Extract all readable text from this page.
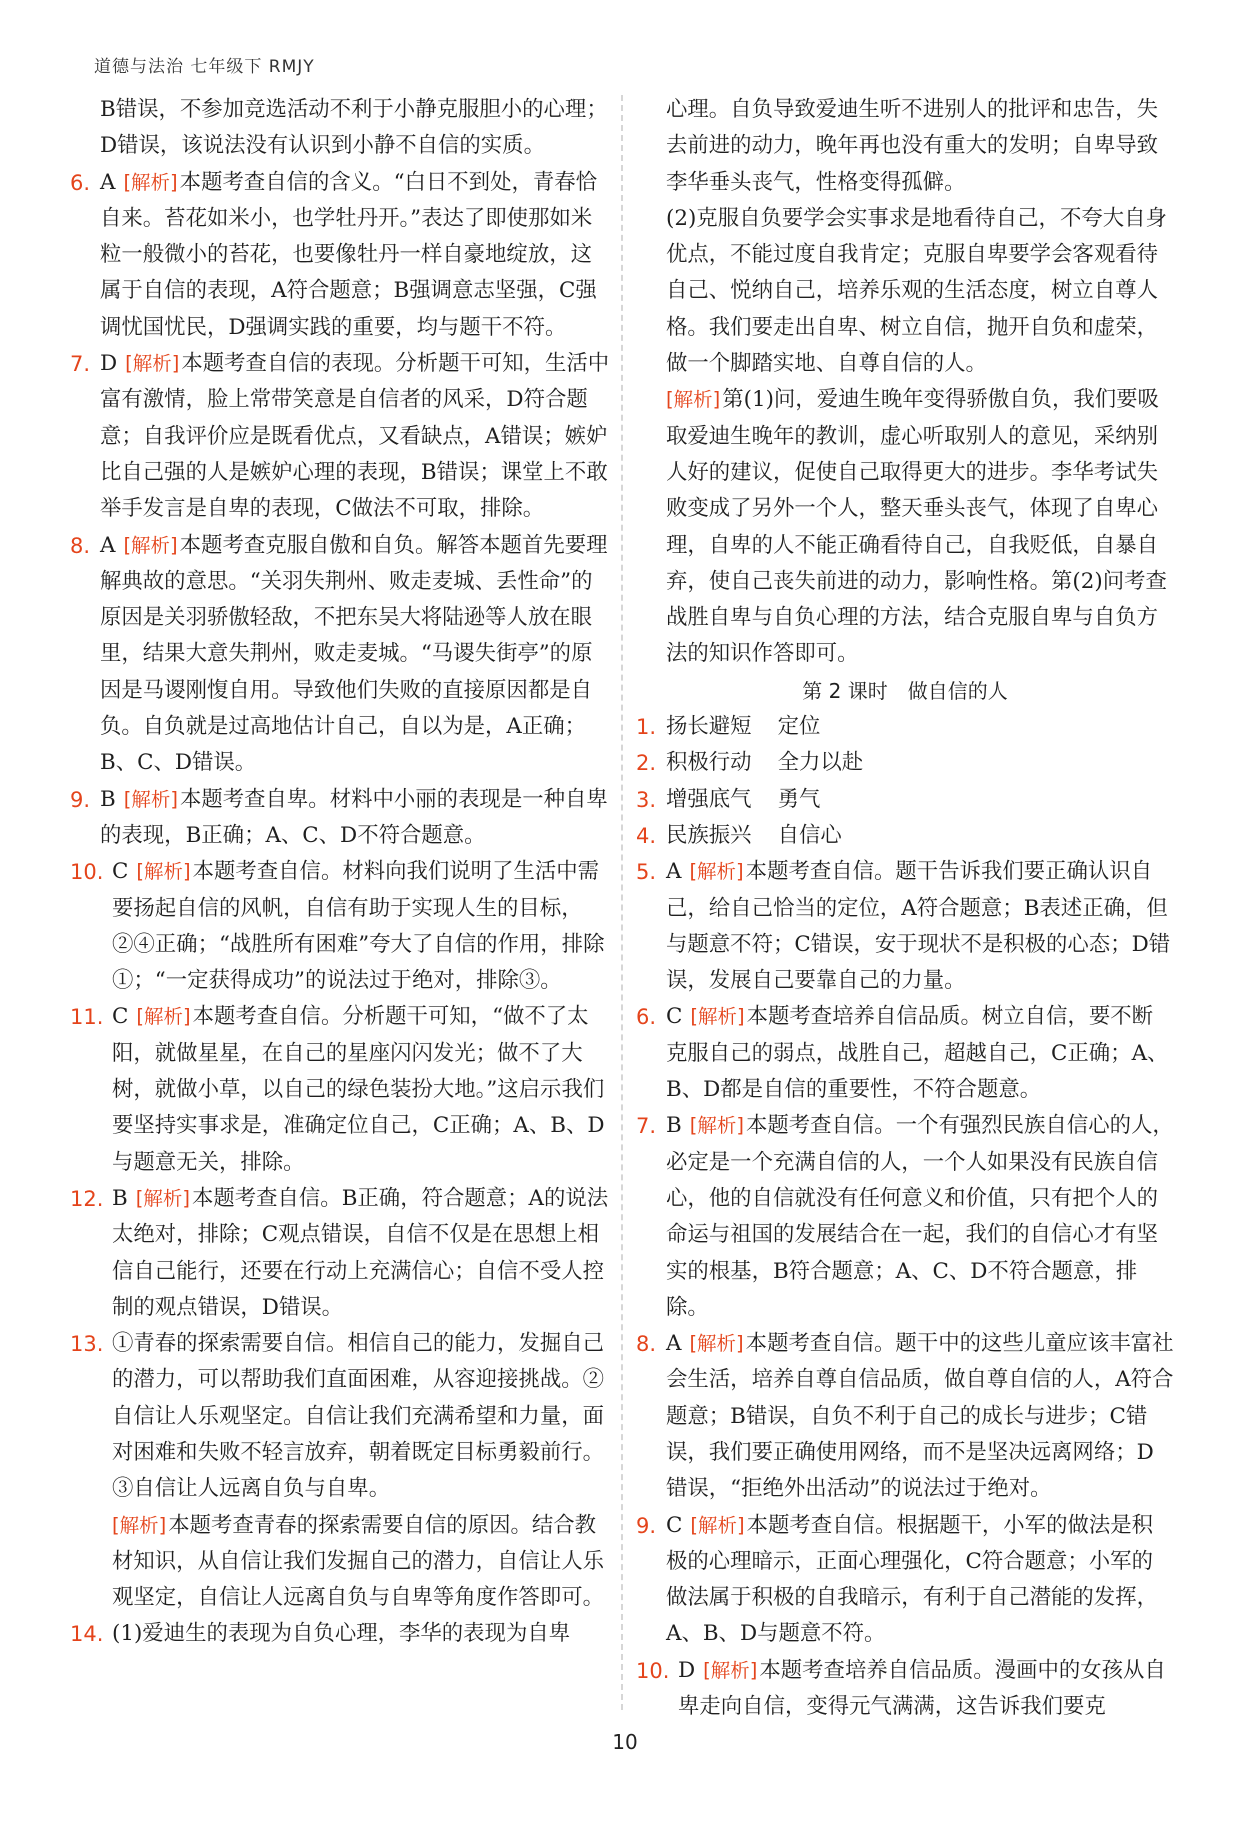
道德与法治 七年级下 RMJY
B错误，不参加竞选活动不利于小静克服胆小的心理；D错误，该说法没有认识到小静不自信的实质。
6. A [解析]本题考查自信的含义。“白日不到处，青春恰自来。苔花如米小，也学牡丹开。”表达了即使那如米粒一般微小的苔花，也要像牡丹一样自豪地绽放，这属于自信的表现，A符合题意；B强调意志坚强，C强调忧国忧民，D强调实践的重要，均与题干不符。
7. D [解析]本题考查自信的表现。分析题干可知，生活中富有激情，脸上常带笑意是自信者的风采，D符合题意；自我评价应是既看优点，又看缺点，A错误；嫉妒比自己强的人是嫉妒心理的表现，B错误；课堂上不敢举手发言是自卑的表现，C做法不可取，排除。
8. A [解析]本题考查克服自傲和自负。解答本题首先要理解典故的意思。“关羽失荆州、败走麦城、丢性命”的原因是关羽骄傲轻敌，不把东吴大将陆逊等人放在眼里，结果大意失荆州，败走麦城。“马谡失街亭”的原因是马谡刚愎自用。导致他们失败的直接原因都是自负。自负就是过高地估计自己，自以为是，A正确；B、C、D错误。
9. B [解析]本题考查自卑。材料中小丽的表现是一种自卑的表现，B正确；A、C、D不符合题意。
10. C [解析]本题考查自信。材料向我们说明了生活中需要扬起自信的风帆，自信有助于实现人生的目标，②④正确；“战胜所有困难”夸大了自信的作用，排除①；“一定获得成功”的说法过于绝对，排除③。
11. C [解析]本题考查自信。分析题干可知，“做不了太阳，就做星星，在自己的星座闪闪发光；做不了大树，就做小草，以自己的绿色装扮大地。”这启示我们要坚持实事求是，准确定位自己，C正确；A、B、D与题意无关，排除。
12. B [解析]本题考查自信。B正确，符合题意；A的说法太绝对，排除；C观点错误，自信不仅是在思想上相信自己能行，还要在行动上充满信心；自信不受人控制的观点错误，D错误。
13. ①青春的探索需要自信。相信自己的能力，发掘自己的潜力，可以帮助我们直面困难，从容迎接挑战。②自信让人乐观坚定。自信让我们充满希望和力量，面对困难和失败不轻言放弃，朝着既定目标勇毅前行。③自信让人远离自负与自卑。
[解析]本题考查青春的探索需要自信的原因。结合教材知识，从自信让我们发掘自己的潜力，自信让人乐观坚定，自信让人远离自负与自卑等角度作答即可。
14. (1)爱迪生的表现为自负心理，李华的表现为自卑
心理。自负导致爱迪生听不进别人的批评和忠告，失去前进的动力，晚年再也没有重大的发明；自卑导致李华垂头丧气，性格变得孤僻。
(2)克服自负要学会实事求是地看待自己，不夸大自身优点，不能过度自我肯定；克服自卑要学会客观看待自己、悦纳自己，培养乐观的生活态度，树立自尊人格。我们要走出自卑、树立自信，抛开自负和虚荣，做一个脚踏实地、自尊自信的人。
[解析]第(1)问，爱迪生晚年变得骄傲自负，我们要吸取爱迪生晚年的教训，虚心听取别人的意见，采纳别人好的建议，促使自己取得更大的进步。李华考试失败变成了另外一个人，整天垂头丧气，体现了自卑心理，自卑的人不能正确看待自己，自我贬低，自暴自弃，使自己丧失前进的动力，影响性格。第(2)问考查战胜自卑与自负心理的方法，结合克服自卑与自负方法的知识作答即可。
第 2 课时　做自信的人
1. 扬长避短 定位
2. 积极行动 全力以赴
3. 增强底气 勇气
4. 民族振兴 自信心
5. A [解析]本题考查自信。题干告诉我们要正确认识自己，给自己恰当的定位，A符合题意；B表述正确，但与题意不符；C错误，安于现状不是积极的心态；D错误，发展自己要靠自己的力量。
6. C [解析]本题考查培养自信品质。树立自信，要不断克服自己的弱点，战胜自己，超越自己，C正确；A、B、D都是自信的重要性，不符合题意。
7. B [解析]本题考查自信。一个有强烈民族自信心的人，必定是一个充满自信的人，一个人如果没有民族自信心，他的自信就没有任何意义和价值，只有把个人的命运与祖国的发展结合在一起，我们的自信心才有坚实的根基，B符合题意；A、C、D不符合题意，排除。
8. A [解析]本题考查自信。题干中的这些儿童应该丰富社会生活，培养自尊自信品质，做自尊自信的人，A符合题意；B错误，自负不利于自己的成长与进步；C错误，我们要正确使用网络，而不是坚决远离网络；D错误，“拒绝外出活动”的说法过于绝对。
9. C [解析]本题考查自信。根据题干，小军的做法是积极的心理暗示，正面心理强化，C符合题意；小军的做法属于积极的自我暗示，有利于自己潜能的发挥，A、B、D与题意不符。
10. D [解析]本题考查培养自信品质。漫画中的女孩从自卑走向自信，变得元气满满，这告诉我们要克
10
